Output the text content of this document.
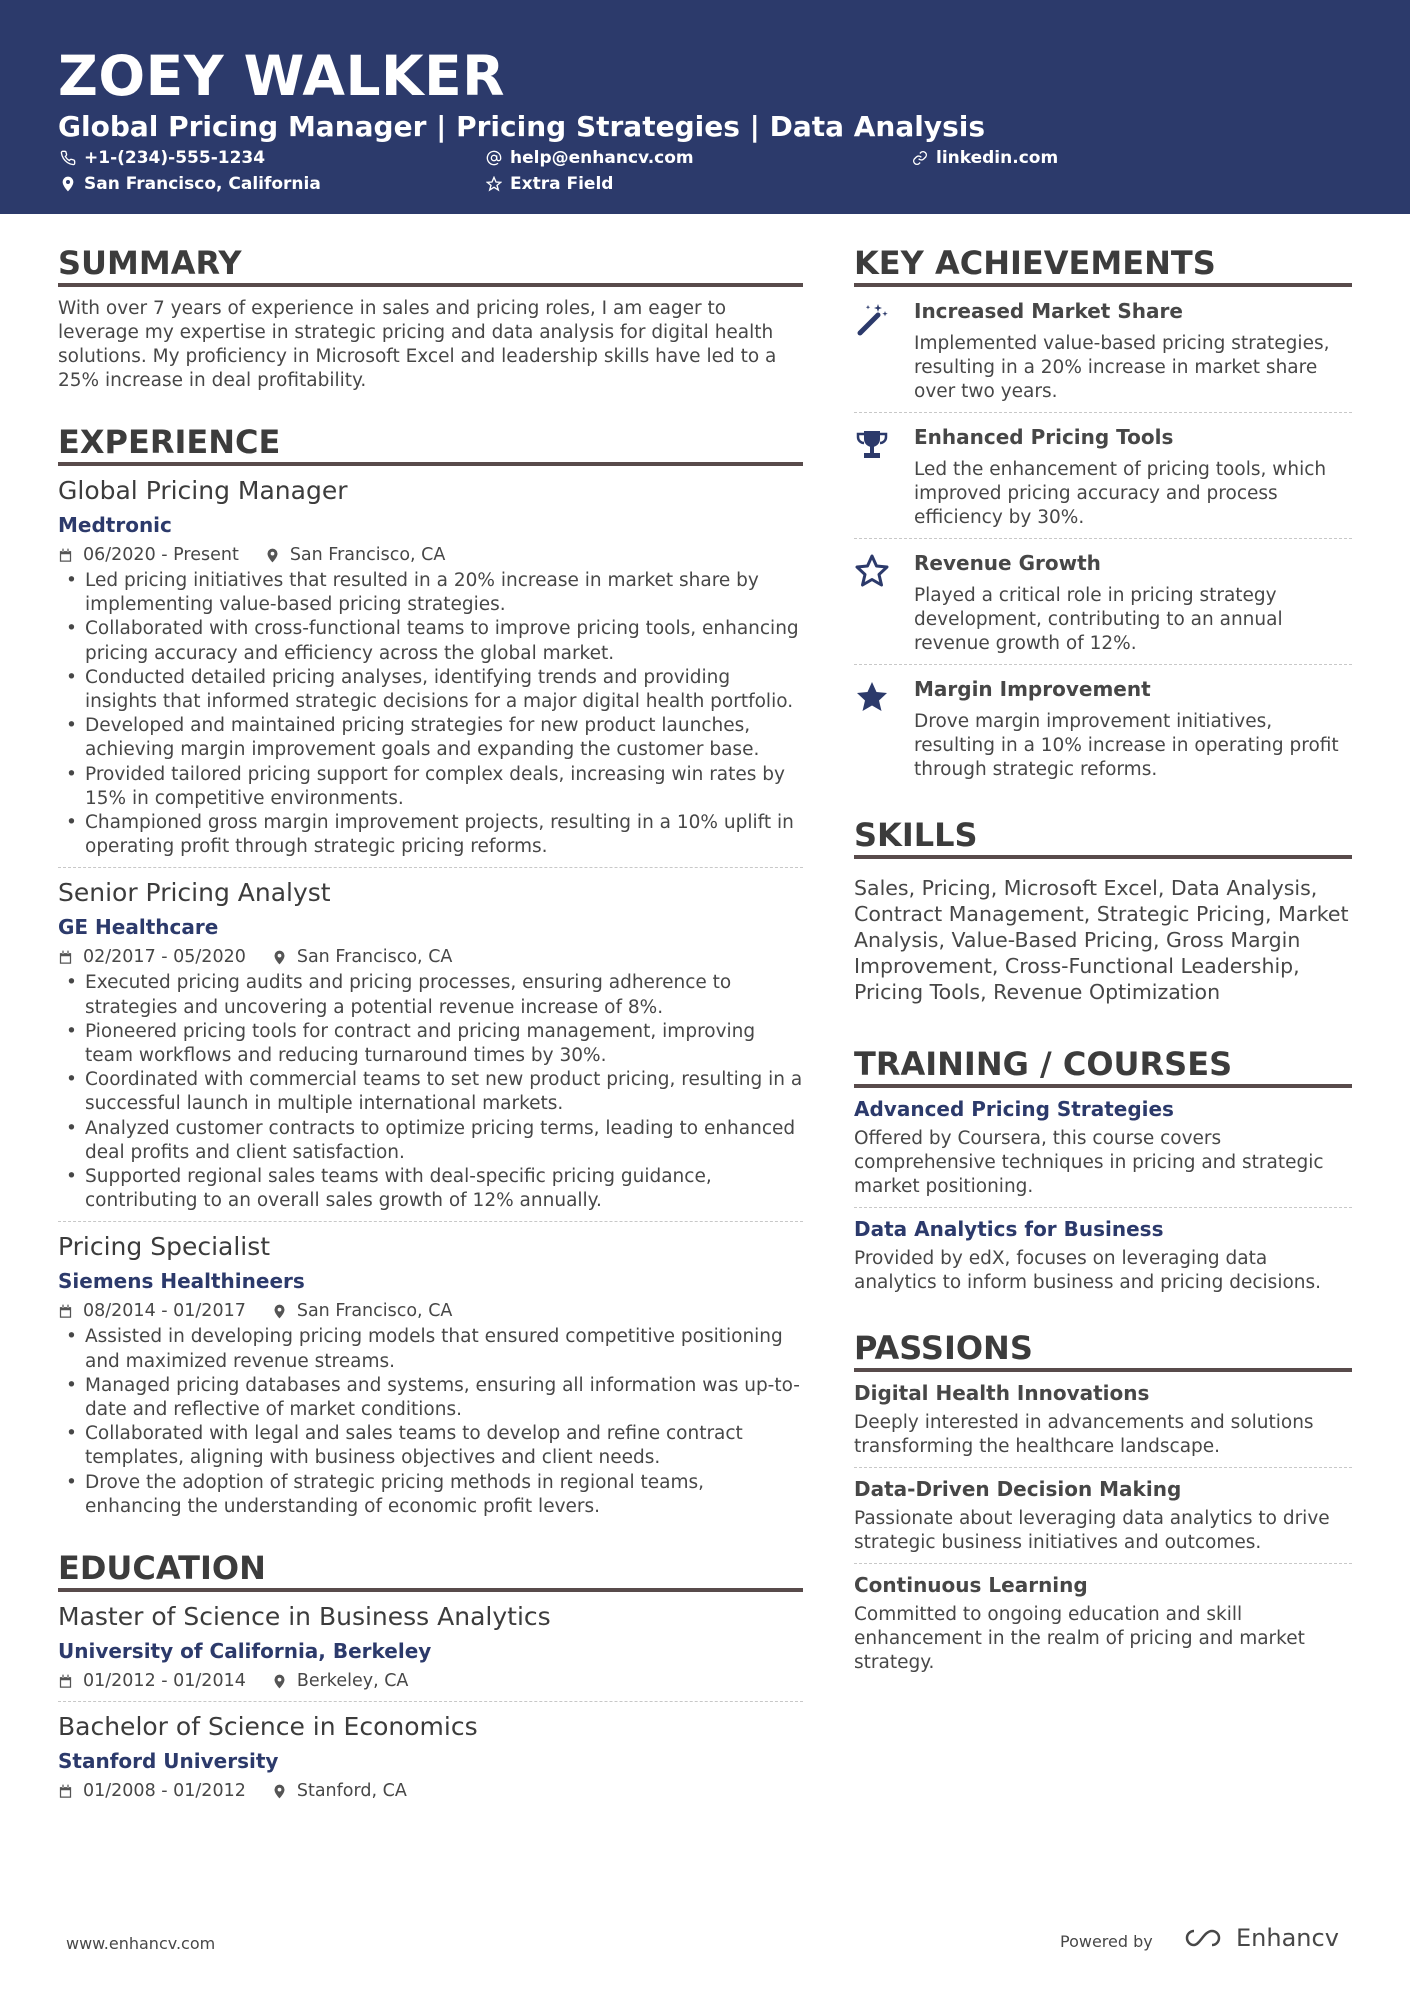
ZOEY WALKER
Global Pricing Manager | Pricing Strategies | Data Analysis
+1-(234)-555-1234	help@enhancv.com	linkedin.com
San Francisco, California	Extra Field
SUMMARY
With over 7 years of experience in sales and pricing roles, I am eager to leverage my expertise in strategic pricing and data analysis for digital health solutions. My proficiency in Microsoft Excel and leadership skills have led to a 25% increase in deal profitability.
EXPERIENCE
Global Pricing Manager
Medtronic
06/2020 - Present	San Francisco, CA
• Led pricing initiatives that resulted in a 20% increase in market share by implementing value-based pricing strategies.
• Collaborated with cross-functional teams to improve pricing tools, enhancing pricing accuracy and efficiency across the global market.
• Conducted detailed pricing analyses, identifying trends and providing insights that informed strategic decisions for a major digital health portfolio.
• Developed and maintained pricing strategies for new product launches, achieving margin improvement goals and expanding the customer base.
• Provided tailored pricing support for complex deals, increasing win rates by 15% in competitive environments.
• Championed gross margin improvement projects, resulting in a 10% uplift in operating profit through strategic pricing reforms.
Senior Pricing Analyst
GE Healthcare
02/2017 - 05/2020	San Francisco, CA
• Executed pricing audits and pricing processes, ensuring adherence to strategies and uncovering a potential revenue increase of 8%.
• Pioneered pricing tools for contract and pricing management, improving team workflows and reducing turnaround times by 30%.
• Coordinated with commercial teams to set new product pricing, resulting in a successful launch in multiple international markets.
• Analyzed customer contracts to optimize pricing terms, leading to enhanced deal profits and client satisfaction.
• Supported regional sales teams with deal-specific pricing guidance, contributing to an overall sales growth of 12% annually.
Pricing Specialist
Siemens Healthineers
08/2014 - 01/2017	San Francisco, CA
• Assisted in developing pricing models that ensured competitive positioning and maximized revenue streams.
• Managed pricing databases and systems, ensuring all information was up-to-date and reflective of market conditions.
• Collaborated with legal and sales teams to develop and refine contract templates, aligning with business objectives and client needs.
• Drove the adoption of strategic pricing methods in regional teams, enhancing the understanding of economic profit levers.
EDUCATION
Master of Science in Business Analytics
University of California, Berkeley
01/2012 - 01/2014	Berkeley, CA
Bachelor of Science in Economics
Stanford University
01/2008 - 01/2012	Stanford, CA
KEY ACHIEVEMENTS
Increased Market Share
Implemented value-based pricing strategies, resulting in a 20% increase in market share over two years.
Enhanced Pricing Tools
Led the enhancement of pricing tools, which improved pricing accuracy and process efficiency by 30%.
Revenue Growth
Played a critical role in pricing strategy development, contributing to an annual revenue growth of 12%.
Margin Improvement
Drove margin improvement initiatives, resulting in a 10% increase in operating profit through strategic reforms.
SKILLS
Sales, Pricing, Microsoft Excel, Data Analysis, Contract Management, Strategic Pricing, Market Analysis, Value-Based Pricing, Gross Margin Improvement, Cross-Functional Leadership, Pricing Tools, Revenue Optimization
TRAINING / COURSES
Advanced Pricing Strategies
Offered by Coursera, this course covers comprehensive techniques in pricing and strategic market positioning.
Data Analytics for Business
Provided by edX, focuses on leveraging data analytics to inform business and pricing decisions.
PASSIONS
Digital Health Innovations
Deeply interested in advancements and solutions transforming the healthcare landscape.
Data-Driven Decision Making
Passionate about leveraging data analytics to drive strategic business initiatives and outcomes.
Continuous Learning
Committed to ongoing education and skill enhancement in the realm of pricing and market strategy.
www.enhancv.com	Powered by	Enhancv
